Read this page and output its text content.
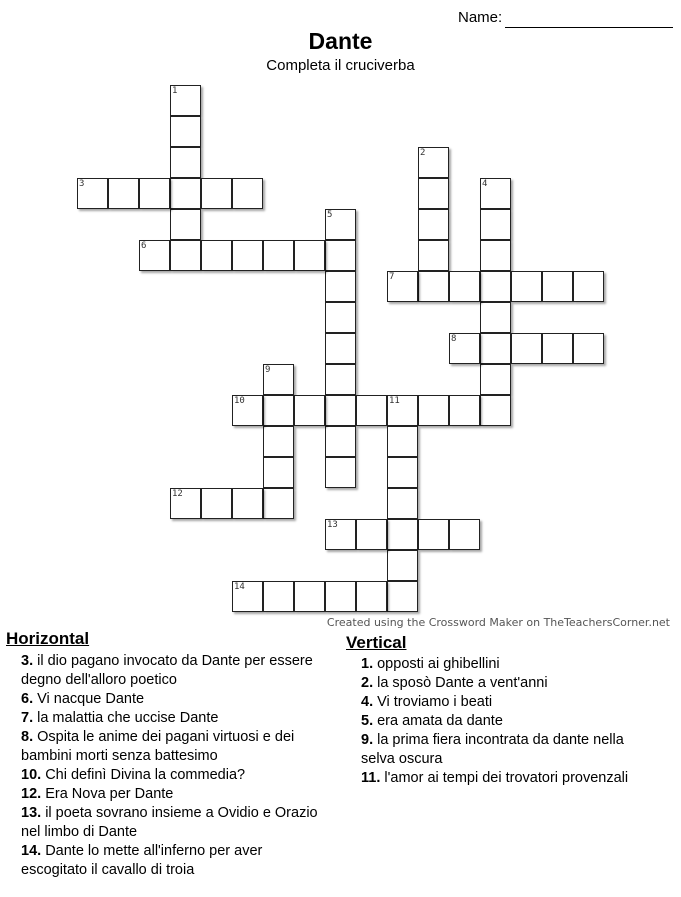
Name:
Dante
Completa il cruciverba
1
2
3	4
5
6
7
8
9
10	11
12
13
14
Created using the Crossword Maker on TheTeachersCorner.net
Horizontal
3. il dio pagano invocato da Dante per essere degno dell'alloro poetico
6. Vi nacque Dante
7. la malattia che uccise Dante
8. Ospita le anime dei pagani virtuosi e dei bambini morti senza battesimo
10. Chi definì Divina la commedia?
12. Era Nova per Dante
13. il poeta sovrano insieme a Ovidio e Orazio nel limbo di Dante
14. Dante lo mette all'inferno per aver escogitato il cavallo di troia
Vertical
1. opposti ai ghibellini
2. la sposò Dante a vent'anni
4. Vi troviamo i beati
5. era amata da dante
9. la prima fiera incontrata da dante nella selva oscura
11. l'amor ai tempi dei trovatori provenzali
